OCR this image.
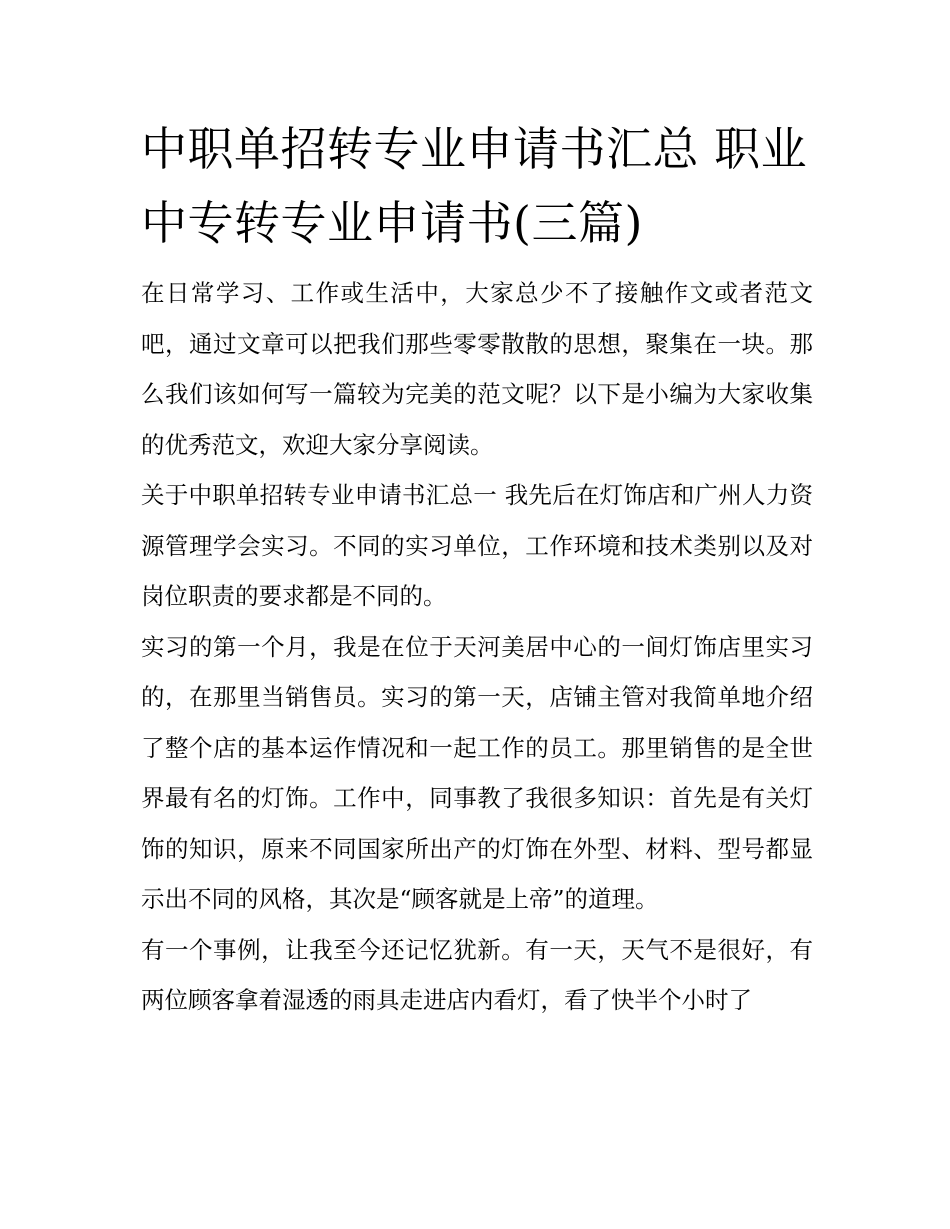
中职单招转专业申请书汇总 职业中专转专业申请书(三篇)

在日常学习、工作或生活中，大家总少不了接触作文或者范文吧，通过文章可以把我们那些零零散散的思想，聚集在一块。那么我们该如何写一篇较为完美的范文呢？以下是小编为大家收集的优秀范文，欢迎大家分享阅读。

关于中职单招转专业申请书汇总一 我先后在灯饰店和广州人力资源管理学会实习。不同的实习单位，工作环境和技术类别以及对岗位职责的要求都是不同的。

实习的第一个月，我是在位于天河美居中心的一间灯饰店里实习的，在那里当销售员。实习的第一天，店铺主管对我简单地介绍了整个店的基本运作情况和一起工作的员工。那里销售的是全世界最有名的灯饰。工作中，同事教了我很多知识：首先是有关灯饰的知识，原来不同国家所出产的灯饰在外型、材料、型号都显示出不同的风格，其次是“顾客就是上帝”的道理。

有一个事例，让我至今还记忆犹新。有一天，天气不是很好，有两位顾客拿着湿透的雨具走进店内看灯，看了快半个小时了
